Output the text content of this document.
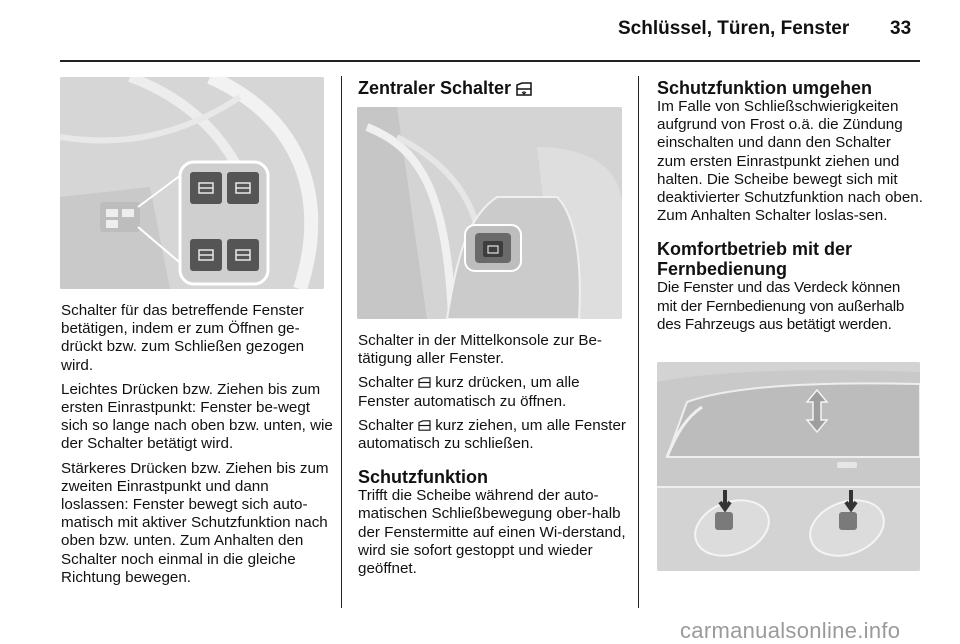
Schlüssel, Türen, Fenster 33

Schalter für das betreffende Fenster betätigen, indem er zum Öffnen ge-drückt bzw. zum Schließen gezogen wird.

Leichtes Drücken bzw. Ziehen bis zum ersten Einrastpunkt: Fenster be-wegt sich so lange nach oben bzw. unten, wie der Schalter betätigt wird.

Stärkeres Drücken bzw. Ziehen bis zum zweiten Einrastpunkt und dann loslassen: Fenster bewegt sich auto-matisch mit aktiver Schutzfunktion nach oben bzw. unten. Zum Anhalten den Schalter noch einmal in die gleiche Richtung bewegen.

Zentraler Schalter

Schalter in der Mittelkonsole zur Be-tätigung aller Fenster.

Schalter kurz drücken, um alle Fenster automatisch zu öffnen.

Schalter kurz ziehen, um alle Fenster automatisch zu schließen.

Schutzfunktion

Trifft die Scheibe während der auto-matischen Schließbewegung ober-halb der Fenstermitte auf einen Wi-derstand, wird sie sofort gestoppt und wieder geöffnet.

Schutzfunktion umgehen

Im Falle von Schließschwierigkeiten aufgrund von Frost o.ä. die Zündung einschalten und dann den Schalter zum ersten Einrastpunkt ziehen und halten. Die Scheibe bewegt sich mit deaktivierter Schutzfunktion nach oben. Zum Anhalten Schalter loslas-sen.

Komfortbetrieb mit der Fernbedienung

Die Fenster und das Verdeck können mit der Fernbedienung von außerhalb des Fahrzeugs aus betätigt werden.

carmanualsonline.info
